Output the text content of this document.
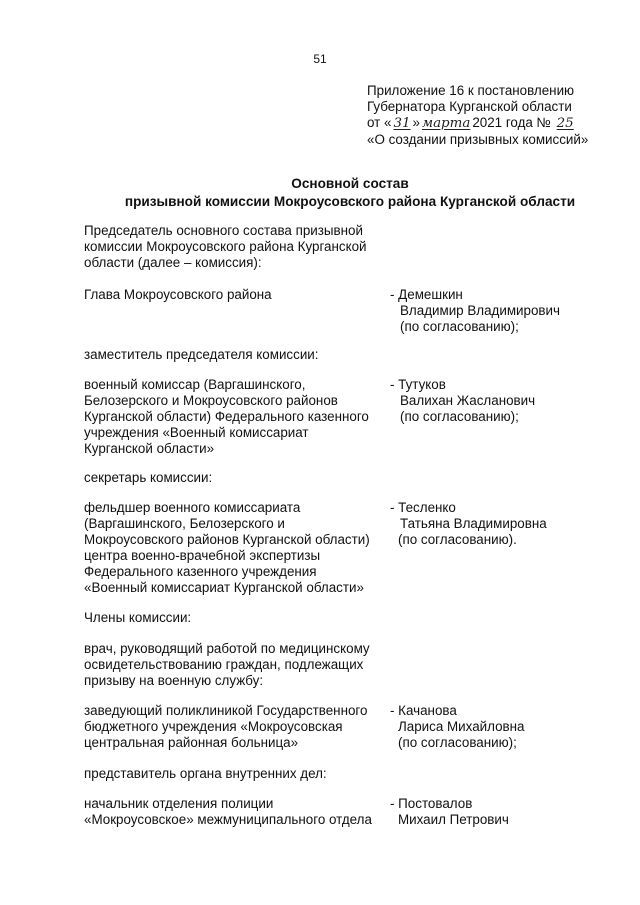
51
Приложение 16 к постановлению
Губернатора Курганской области
от « 31 » марта 2021 года № 25
«О создании призывных комиссий»
Основной состав
призывной комиссии Мокроусовского района Курганской области
Председатель основного состава призывной
комиссии Мокроусовского района Курганской
области (далее – комиссия):
Глава Мокроусовского района	- Демешкин
Владимир Владимирович
(по согласованию);
заместитель председателя комиссии:
военный комиссар (Варгашинского,
Белозерского и Мокроусовского районов
Курганской области) Федерального казенного
учреждения «Военный комиссариат
Курганской области»
- Тутуков
Валихан Жасланович
(по согласованию);
секретарь комиссии:
фельдшер военного комиссариата
(Варгашинского, Белозерского и
Мокроусовского районов Курганской области)
центра военно-врачебной экспертизы
Федерального казенного учреждения
«Военный комиссариат Курганской области»
- Тесленко
Татьяна Владимировна
(по согласованию).
Члены комиссии:
врач, руководящий работой по медицинскому
освидетельствованию граждан, подлежащих
призыву на военную службу:
заведующий поликлиникой Государственного
бюджетного учреждения «Мокроусовская
центральная районная больница»
- Качанова
Лариса Михайловна
(по согласованию);
представитель органа внутренних дел:
начальник отделения полиции
«Мокроусовское» межмуниципального отдела
- Постовалов
Михаил Петрович
